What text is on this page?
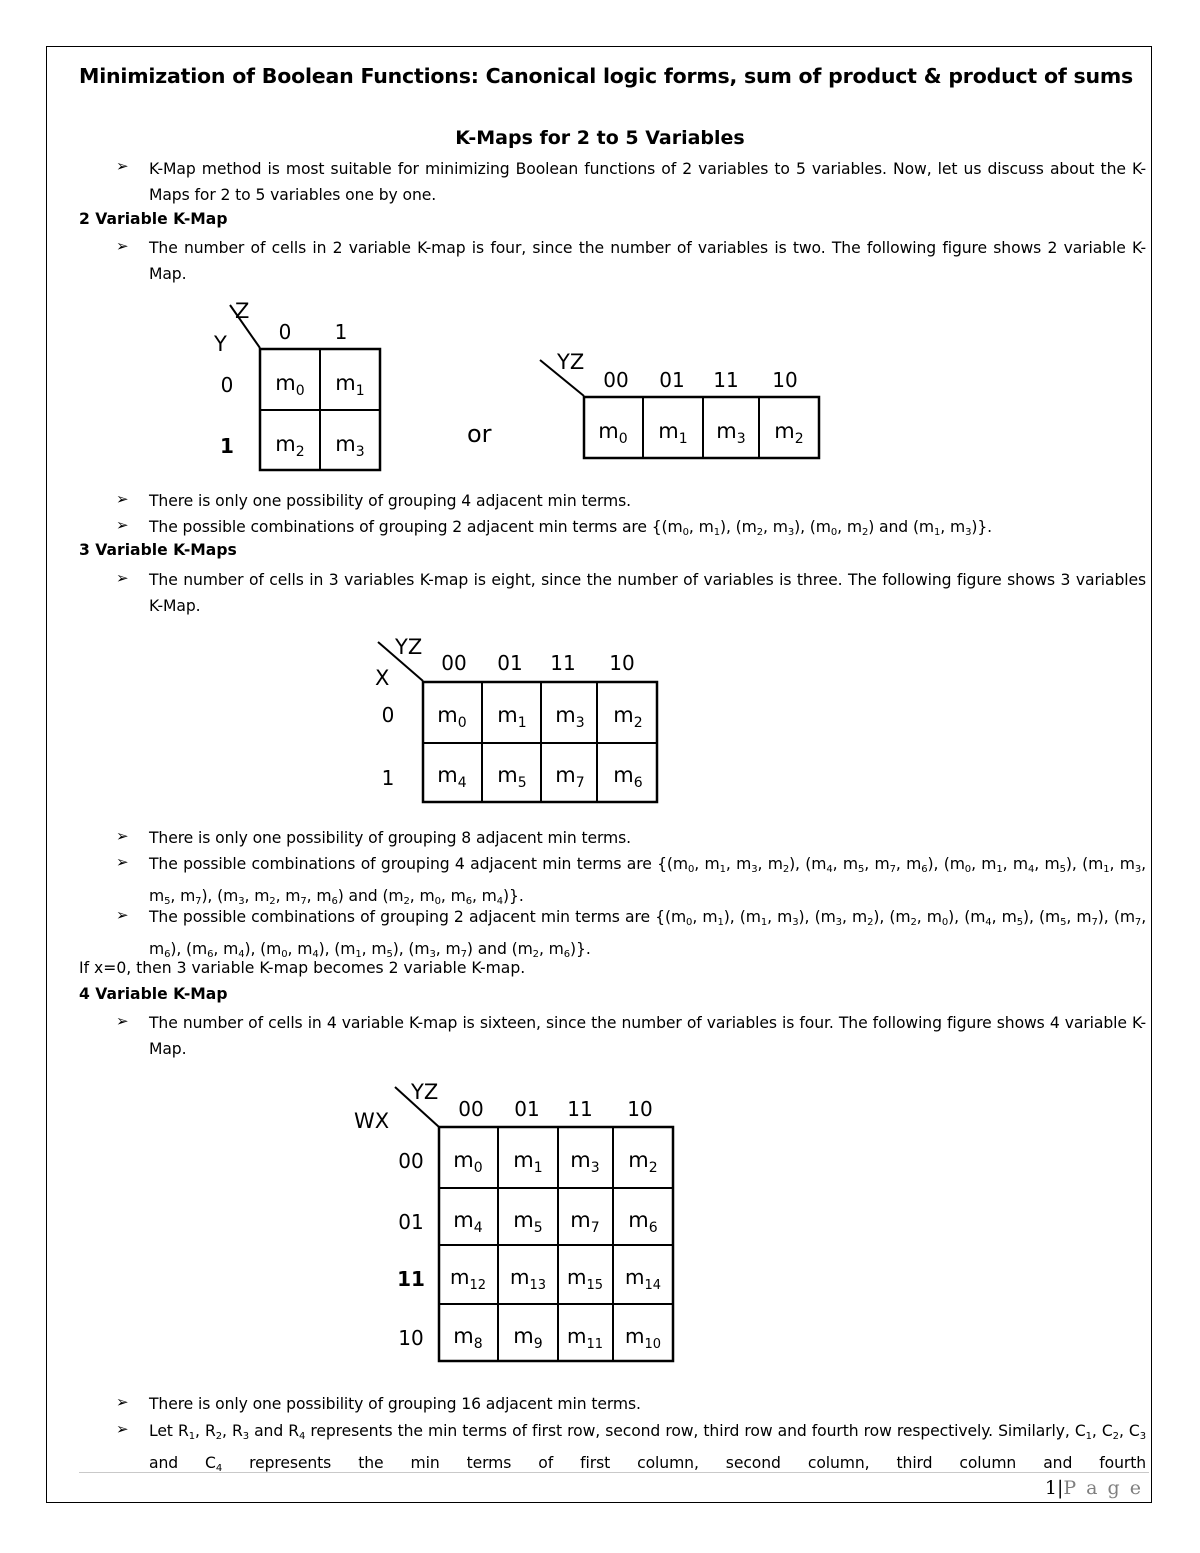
Minimization of Boolean Functions: Canonical logic forms, sum of product & product of sums
K-Maps for 2 to 5 Variables
➢ K-Map method is most suitable for minimizing Boolean functions of 2 variables to 5 variables. Now, let us discuss about the K-Maps for 2 to 5 variables one by one.
2 Variable K-Map
➢ The number of cells in 2 variable K-map is four, since the number of variables is two. The following figure shows 2 variable K-Map.
Z
Y	0 1
0
1
$m_0$ $m_1$
$m_2$ $m_3$
or
YZ
00 01 11 10
$m_0$ $m_1$ $m_3$ $m_2$
➢ There is only one possibility of grouping 4 adjacent min terms.
➢ The possible combinations of grouping 2 adjacent min terms are {($m_0$, $m_1$), ($m_2$, $m_3$), ($m_0$, $m_2$) and ($m_1$, $m_3$)}.
3 Variable K-Maps
➢ The number of cells in 3 variables K-map is eight, since the number of variables is three. The following figure shows 3 variables K-Map.
YZ
X
00 01 11 10
0
1
$m_0$ $m_1$ $m_3$ $m_2$
$m_4$ $m_5$ $m_7$ $m_6$
➢ There is only one possibility of grouping 8 adjacent min terms.
➢ The possible combinations of grouping 4 adjacent min terms are {($m_0$, $m_1$, $m_3$, $m_2$), ($m_4$, $m_5$, $m_7$, $m_6$), ($m_0$, $m_1$, $m_4$, $m_5$), ($m_1$, $m_3$, $m_5$, $m_7$), ($m_3$, $m_2$, $m_7$, $m_6$) and ($m_2$, $m_0$, $m_6$, $m_4$)}.
➢ The possible combinations of grouping 2 adjacent min terms are {($m_0$, $m_1$), ($m_1$, $m_3$), ($m_3$, $m_2$), ($m_2$, $m_0$), ($m_4$, $m_5$), ($m_5$, $m_7$), ($m_7$, $m_6$), ($m_6$, $m_4$), ($m_0$, $m_4$), ($m_1$, $m_5$), ($m_3$, $m_7$) and ($m_2$, $m_6$)}.
If x=0, then 3 variable K-map becomes 2 variable K-map.
4 Variable K-Map
➢ The number of cells in 4 variable K-map is sixteen, since the number of variables is four. The following figure shows 4 variable K-Map.
YZ
WX	00 01 11 10
00
01
11
10
$m_0$ $m_1$ $m_3$ $m_2$
$m_4$ $m_5$ $m_7$ $m_6$
$m_{12}$ $m_{13}$ $m_{15}$ $m_{14}$
$m_8$ $m_9$ $m_{11}$ $m_{10}$
➢ There is only one possibility of grouping 16 adjacent min terms.
➢ Let $R_1$, $R_2$, $R_3$ and $R_4$ represents the min terms of first row, second row, third row and fourth row respectively. Similarly, $C_1$, $C_2$, $C_3$ and $C_4$ represents the min terms of first column, second column, third column and fourth
1|P a g e
